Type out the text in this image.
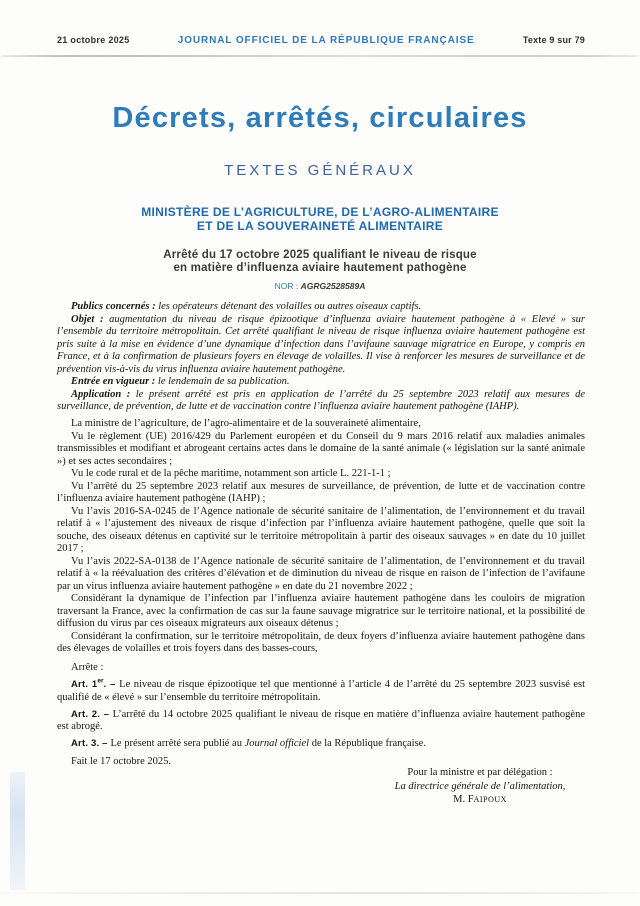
21 octobre 2025	JOURNAL OFFICIEL DE LA RÉPUBLIQUE FRANÇAISE	Texte 9 sur 79
Décrets, arrêtés, circulaires
TEXTES GÉNÉRAUX
MINISTÈRE DE L’AGRICULTURE, DE L’AGRO-ALIMENTAIRE
ET DE LA SOUVERAINETÉ ALIMENTAIRE
Arrêté du 17 octobre 2025 qualifiant le niveau de risque
en matière d’influenza aviaire hautement pathogène
NOR : AGRG2528589A

Publics concernés : les opérateurs détenant des volailles ou autres oiseaux captifs.

Objet : augmentation du niveau de risque épizootique d’influenza aviaire hautement pathogène à « Elevé » sur l’ensemble du territoire métropolitain. Cet arrêté qualifiant le niveau de risque influenza aviaire hautement pathogène est pris suite à la mise en évidence d’une dynamique d’infection dans l’avifaune sauvage migratrice en Europe, y compris en France, et à la confirmation de plusieurs foyers en élevage de volailles. Il vise à renforcer les mesures de surveillance et de prévention vis-à-vis du virus influenza aviaire hautement pathogène.

Entrée en vigueur : le lendemain de sa publication.

Application : le présent arrêté est pris en application de l’arrêté du 25 septembre 2023 relatif aux mesures de surveillance, de prévention, de lutte et de vaccination contre l’influenza aviaire hautement pathogène (IAHP).

La ministre de l’agriculture, de l’agro-alimentaire et de la souveraineté alimentaire,

Vu le règlement (UE) 2016/429 du Parlement européen et du Conseil du 9 mars 2016 relatif aux maladies animales transmissibles et modifiant et abrogeant certains actes dans le domaine de la santé animale (« législation sur la santé animale ») et ses actes secondaires ;

Vu le code rural et de la pêche maritime, notamment son article L. 221-1-1 ;

Vu l’arrêté du 25 septembre 2023 relatif aux mesures de surveillance, de prévention, de lutte et de vaccination contre l’influenza aviaire hautement pathogène (IAHP) ;

Vu l’avis 2016-SA-0245 de l’Agence nationale de sécurité sanitaire de l’alimentation, de l’environnement et du travail relatif à « l’ajustement des niveaux de risque d’infection par l’influenza aviaire hautement pathogène, quelle que soit la souche, des oiseaux détenus en captivité sur le territoire métropolitain à partir des oiseaux sauvages » en date du 10 juillet 2017 ;

Vu l’avis 2022-SA-0138 de l’Agence nationale de sécurité sanitaire de l’alimentation, de l’environnement et du travail relatif à « la réévaluation des critères d’élévation et de diminution du niveau de risque en raison de l’infection de l’avifaune par un virus influenza aviaire hautement pathogène » en date du 21 novembre 2022 ;

Considérant la dynamique de l’infection par l’influenza aviaire hautement pathogène dans les couloirs de migration traversant la France, avec la confirmation de cas sur la faune sauvage migratrice sur le territoire national, et la possibilité de diffusion du virus par ces oiseaux migrateurs aux oiseaux détenus ;

Considérant la confirmation, sur le territoire métropolitain, de deux foyers d’influenza aviaire hautement pathogène dans des élevages de volailles et trois foyers dans des basses-cours,

Arrête :

Art. 1er. – Le niveau de risque épizootique tel que mentionné à l’article 4 de l’arrêté du 25 septembre 2023 susvisé est qualifié de « élevé » sur l’ensemble du territoire métropolitain.

Art. 2. – L’arrêté du 14 octobre 2025 qualifiant le niveau de risque en matière d’influenza aviaire hautement pathogène est abrogé.

Art. 3. – Le présent arrêté sera publié au Journal officiel de la République française.

Fait le 17 octobre 2025.

Pour la ministre et par délégation :
La directrice générale de l’alimentation,
M. FAIPOUX
